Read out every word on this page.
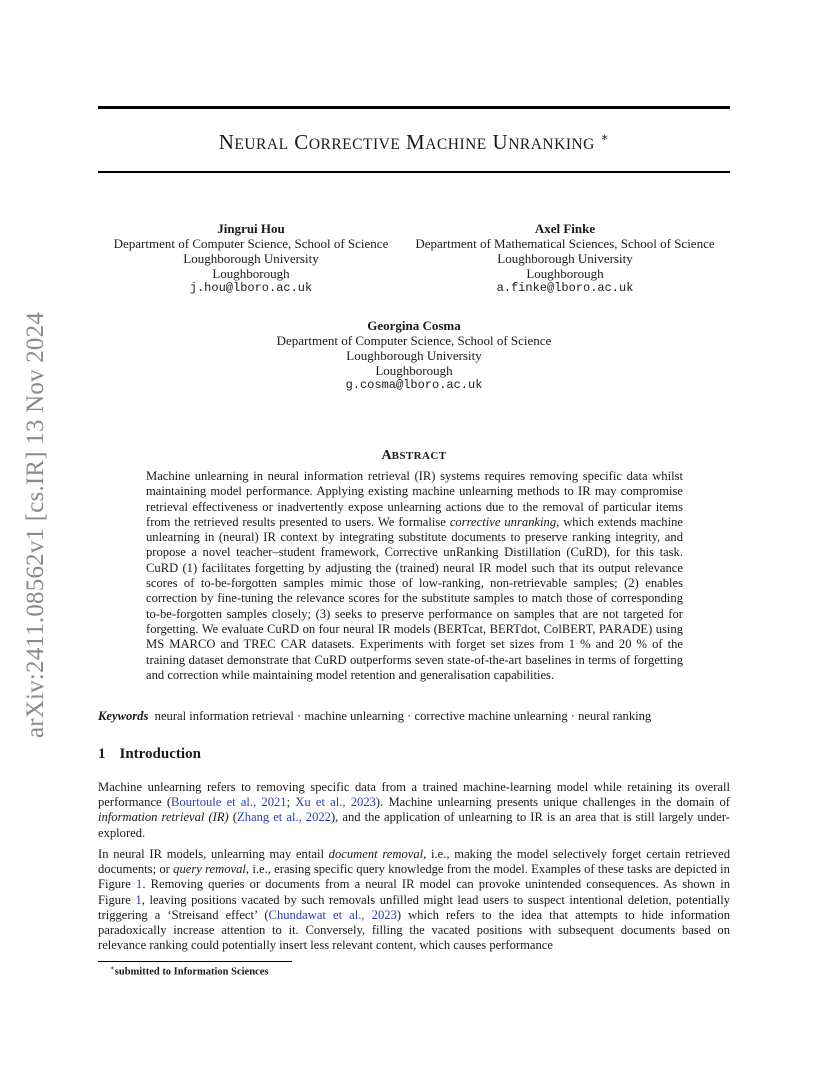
arXiv:2411.08562v1 [cs.IR] 13 Nov 2024
NEURAL CORRECTIVE MACHINE UNRANKING ∗
Jingrui Hou
Department of Computer Science, School of Science
Loughborough University
Loughborough
j.hou@lboro.ac.uk
Axel Finke
Department of Mathematical Sciences, School of Science
Loughborough University
Loughborough
a.finke@lboro.ac.uk
Georgina Cosma
Department of Computer Science, School of Science
Loughborough University
Loughborough
g.cosma@lboro.ac.uk
ABSTRACT
Machine unlearning in neural information retrieval (IR) systems requires removing specific data whilst maintaining model performance. Applying existing machine unlearning methods to IR may compromise retrieval effectiveness or inadvertently expose unlearning actions due to the removal of particular items from the retrieved results presented to users. We formalise corrective unranking, which extends machine unlearning in (neural) IR context by integrating substitute documents to preserve ranking integrity, and propose a novel teacher–student framework, Corrective unRanking Distillation (CuRD), for this task. CuRD (1) facilitates forgetting by adjusting the (trained) neural IR model such that its output relevance scores of to-be-forgotten samples mimic those of low-ranking, non-retrievable samples; (2) enables correction by fine-tuning the relevance scores for the substitute samples to match those of corresponding to-be-forgotten samples closely; (3) seeks to preserve performance on samples that are not targeted for forgetting. We evaluate CuRD on four neural IR models (BERTcat, BERTdot, ColBERT, PARADE) using MS MARCO and TREC CAR datasets. Experiments with forget set sizes from 1 % and 20 % of the training dataset demonstrate that CuRD outperforms seven state-of-the-art baselines in terms of forgetting and correction while maintaining model retention and generalisation capabilities.
Keywords neural information retrieval · machine unlearning · corrective machine unlearning · neural ranking
1 Introduction

Machine unlearning refers to removing specific data from a trained machine-learning model while retaining its overall performance (Bourtoule et al., 2021; Xu et al., 2023). Machine unlearning presents unique challenges in the domain of information retrieval (IR) (Zhang et al., 2022), and the application of unlearning to IR is an area that is still largely under-explored.

In neural IR models, unlearning may entail document removal, i.e., making the model selectively forget certain retrieved documents; or query removal, i.e., erasing specific query knowledge from the model. Examples of these tasks are depicted in Figure 1. Removing queries or documents from a neural IR model can provoke unintended consequences. As shown in Figure 1, leaving positions vacated by such removals unfilled might lead users to suspect intentional deletion, potentially triggering a ‘Streisand effect’ (Chundawat et al., 2023) which refers to the idea that attempts to hide information paradoxically increase attention to it. Conversely, filling the vacated positions with subsequent documents based on relevance ranking could potentially insert less relevant content, which causes performance

∗submitted to Information Sciences
